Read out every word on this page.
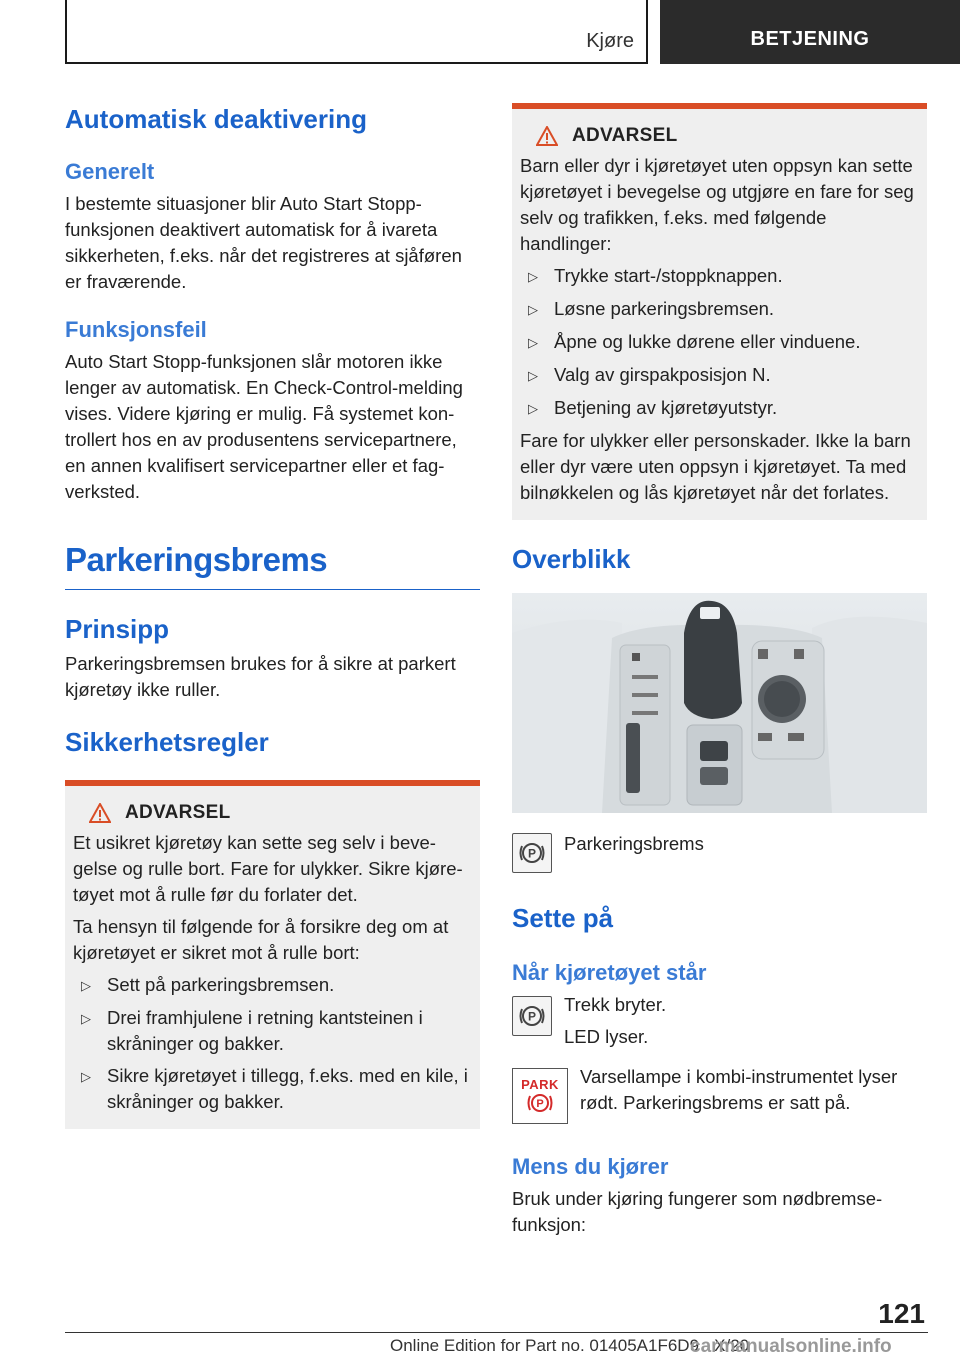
Kjøre	BETJENING
Automatisk deaktivering
Generelt

I bestemte situasjoner blir Auto Start Stopp-funksjonen deaktivert automatisk for å ivareta sikkerheten, f.eks. når det registreres at sjåføren er fraværende.

Funksjonsfeil

Auto Start Stopp-funksjonen slår motoren ikke lenger av automatisk. En Check-Control-melding vises. Videre kjøring er mulig. Få systemet kontrollert hos en av produsentens servicepartnere, en annen kvalifisert servicepartner eller et fagverksted.

Parkeringsbrems
Prinsipp

Parkeringsbremsen brukes for å sikre at parkert kjøretøy ikke ruller.

Sikkerhetsregler
ADVARSEL

Et usikret kjøretøy kan sette seg selv i bevegelse og rulle bort. Fare for ulykker. Sikre kjøretøyet mot å rulle før du forlater det.

Ta hensyn til følgende for å forsikre deg om at kjøretøyet er sikret mot å rulle bort:

▷ Sett på parkeringsbremsen.
▷ Drei framhjulene i retning kantsteinen i skråninger og bakker.
▷ Sikre kjøretøyet i tillegg, f.eks. med en kile, i skråninger og bakker.
ADVARSEL

Barn eller dyr i kjøretøyet uten oppsyn kan sette kjøretøyet i bevegelse og utgjøre en fare for seg selv og trafikken, f.eks. med følgende handlinger:

▷ Trykke start-/stoppknappen.
▷ Løsne parkeringsbremsen.
▷ Åpne og lukke dørene eller vinduene.
▷ Valg av girspakposisjon N.
▷ Betjening av kjøretøyutstyr.

Fare for ulykker eller personskader. Ikke la barn eller dyr være uten oppsyn i kjøretøyet. Ta med bilnøkkelen og lås kjøretøyet når det forlates.

Overblikk
P Parkeringsbrems

Sette på
Når kjøretøyet står
P

Trekk bryter.

LED lyser.

PARK
P

Varsellampe i kombi-instrumentet lyser rødt. Parkeringsbrems er satt på.

Mens du kjører

Bruk under kjøring fungerer som nødbremsefunksjon:

121
Online Edition for Part no. 01405A1F6D9 - X/20
carmanualsonline.info
